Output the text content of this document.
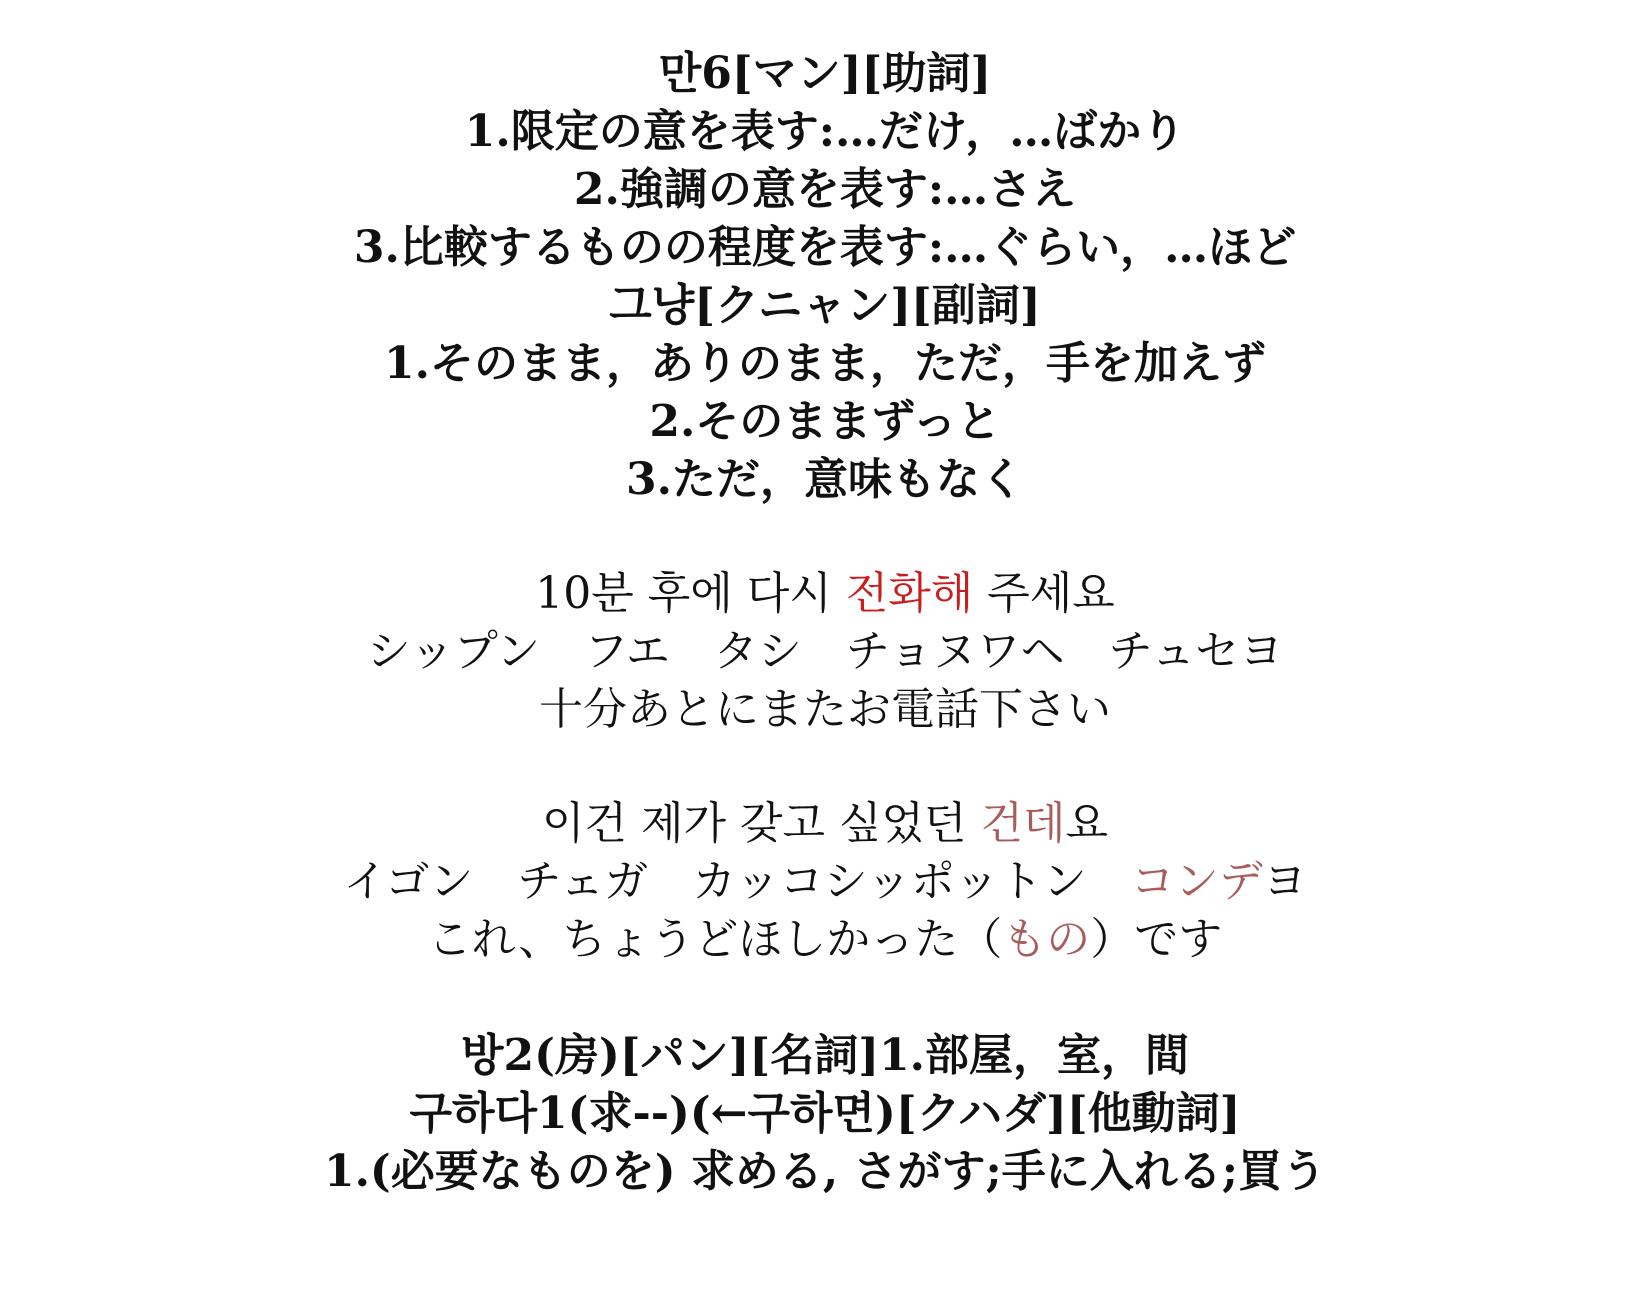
만6[マン][助詞]
1.限定の意を表す:…だけ，…ばかり
2.強調の意を表す:…さえ
3.比較するものの程度を表す:…ぐらい，…ほど
그냥[クニャン][副詞]
1.そのまま，ありのまま，ただ，手を加えず
2.そのままずっと
3.ただ，意味もなく
10분 후에 다시 전화해 주세요
シップン　フエ　タシ　チョヌワヘ　チュセヨ
十分あとにまたお電話下さい
이건 제가 갖고 싶었던 건데요
イゴン　チェガ　カッコシッポットン　コンデヨ
これ、ちょうどほしかった（もの）です
방2(房)[パン][名詞]1.部屋，室，間
구하다1(求--)(←구하면)[クハダ][他動詞]
1.(必要なものを) 求める, さがす;手に入れる;買う
